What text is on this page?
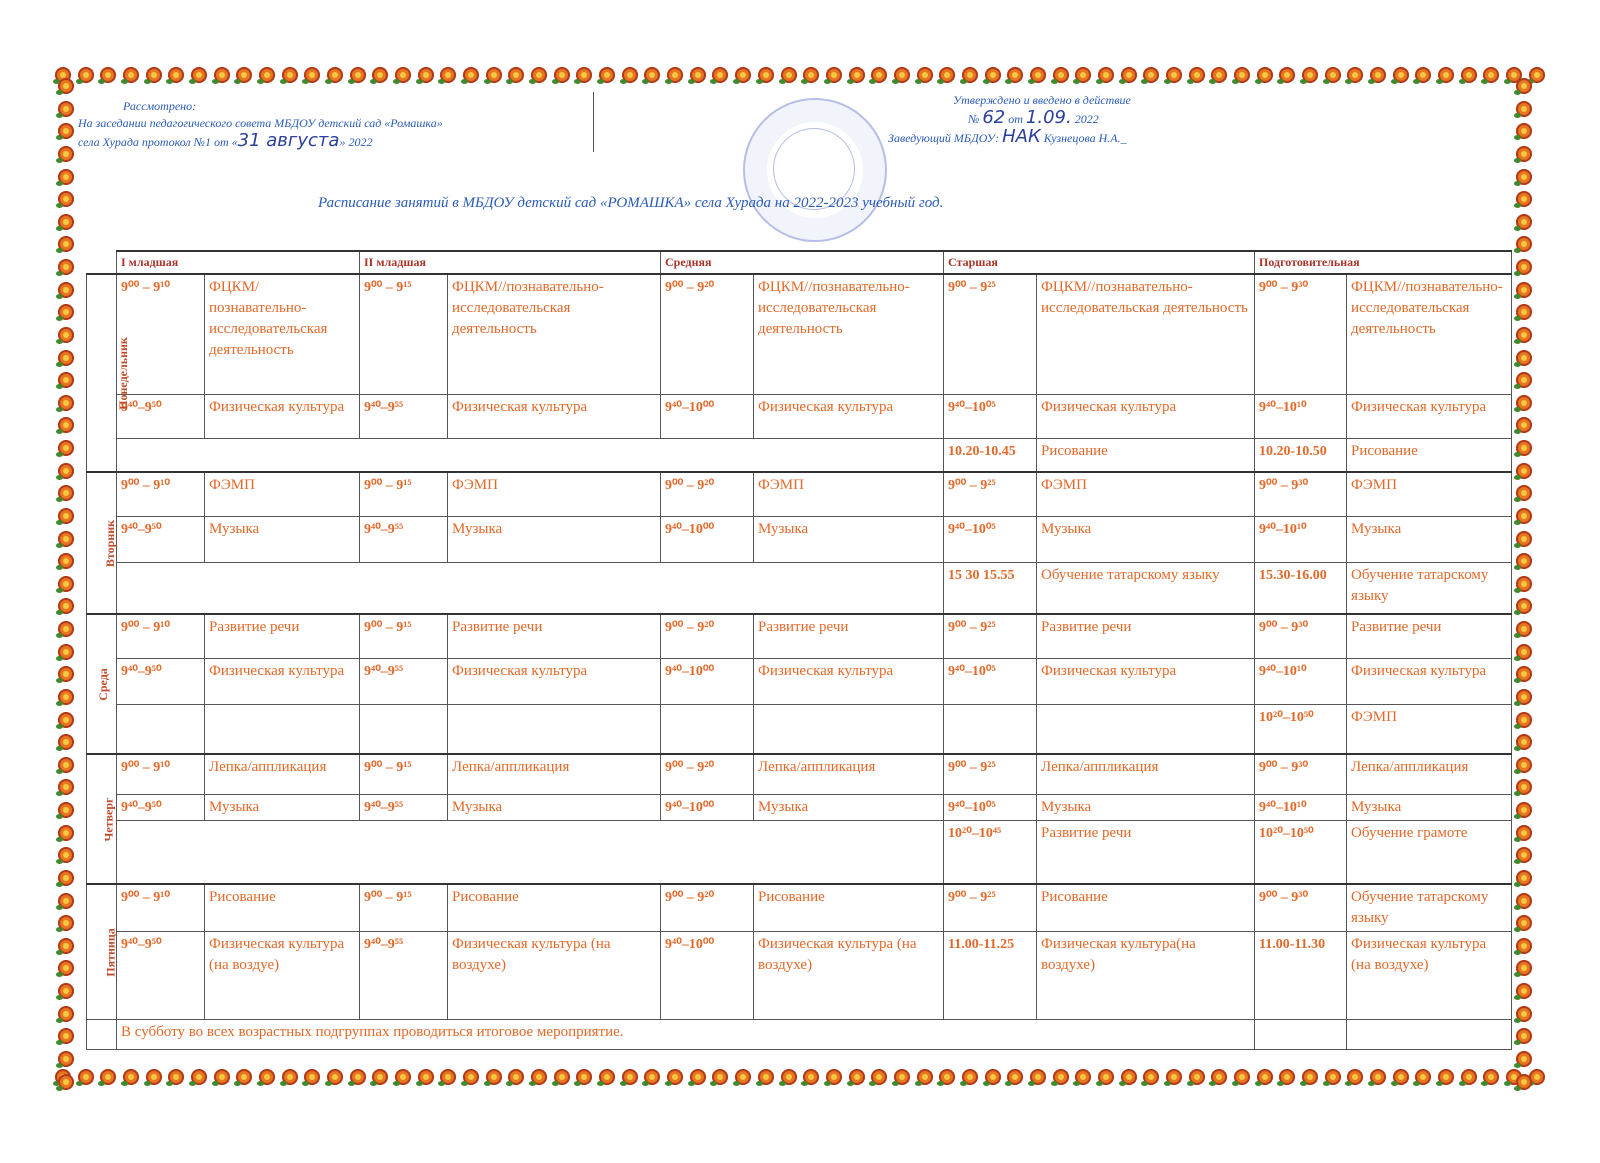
Рассмотрено:
На заседании педагогического совета МБДОУ детский сад «Ромашка»
села Хурада протокол №1 от «31 августа» 2022
Утверждено и введено в действие
№ 62 от 1.09. 2022
Заведующий МБДОУ: НАК Кузнецова Н.А._
Расписание занятий в МБДОУ детский сад «РОМАШКА» села Хурада на 2022-2023 учебный год.
	I младшая		II младшая		Средняя		Старшая		Подготовительная	
Понедельник	9⁰⁰ – 9¹⁰	ФЦКМ/познавательно-исследовательская деятельность	9⁰⁰ – 9¹⁵	ФЦКМ//познавательно-исследовательская деятельность	9⁰⁰ – 9²⁰	ФЦКМ//познавательно-исследовательская деятельность	9⁰⁰ – 9²⁵	ФЦКМ//познавательно-исследовательская деятельность	9⁰⁰ – 9³⁰	ФЦКМ//познавательно-исследовательская деятельность
	9⁴⁰–9⁵⁰	Физическая культура	9⁴⁰–9⁵⁵	Физическая культура	9⁴⁰–10⁰⁰	Физическая культура	9⁴⁰–10⁰⁵	Физическая культура	9⁴⁰–10¹⁰	Физическая культура
							10.20-10.45	Рисование	10.20-10.50	Рисование
Вторник	9⁰⁰ – 9¹⁰	ФЭМП	9⁰⁰ – 9¹⁵	ФЭМП	9⁰⁰ – 9²⁰	ФЭМП	9⁰⁰ – 9²⁵	ФЭМП	9⁰⁰ – 9³⁰	ФЭМП
	9⁴⁰–9⁵⁰	Музыка	9⁴⁰–9⁵⁵	Музыка	9⁴⁰–10⁰⁰	Музыка	9⁴⁰–10⁰⁵	Музыка	9⁴⁰–10¹⁰	Музыка
							15 30 15.55	Обучение татарскому языку	15.30-16.00	Обучение татарскому языку
Среда	9⁰⁰ – 9¹⁰	Развитие речи	9⁰⁰ – 9¹⁵	Развитие речи	9⁰⁰ – 9²⁰	Развитие речи	9⁰⁰ – 9²⁵	Развитие речи	9⁰⁰ – 9³⁰	Развитие речи
	9⁴⁰–9⁵⁰	Физическая культура	9⁴⁰–9⁵⁵	Физическая культура	9⁴⁰–10⁰⁰	Физическая культура	9⁴⁰–10⁰⁵	Физическая культура	9⁴⁰–10¹⁰	Физическая культура
									10²⁰–10⁵⁰	ФЭМП
Четверг	9⁰⁰ – 9¹⁰	Лепка/аппликация	9⁰⁰ – 9¹⁵	Лепка/аппликация	9⁰⁰ – 9²⁰	Лепка/аппликация	9⁰⁰ – 9²⁵	Лепка/аппликация	9⁰⁰ – 9³⁰	Лепка/аппликация
	9⁴⁰–9⁵⁰	Музыка	9⁴⁰–9⁵⁵	Музыка	9⁴⁰–10⁰⁰	Музыка	9⁴⁰–10⁰⁵	Музыка	9⁴⁰–10¹⁰	Музыка
							10²⁰–10⁴⁵	Развитие речи	10²⁰–10⁵⁰	Обучение грамоте
Пятница	9⁰⁰ – 9¹⁰	Рисование	9⁰⁰ – 9¹⁵	Рисование	9⁰⁰ – 9²⁰	Рисование	9⁰⁰ – 9²⁵	Рисование	9⁰⁰ – 9³⁰	Обучение татарскому языку
	9⁴⁰–9⁵⁰	Физическая культура (на воздуе)	9⁴⁰–9⁵⁵	Физическая культура (на воздухе)	9⁴⁰–10⁰⁰	Физическая культура (на воздухе)	11.00-11.25	Физическая культура(на воздухе)	11.00-11.30	Физическая культура (на воздухе)
	В субботу во всех возрастных подгруппах проводиться итоговое мероприятие.									
